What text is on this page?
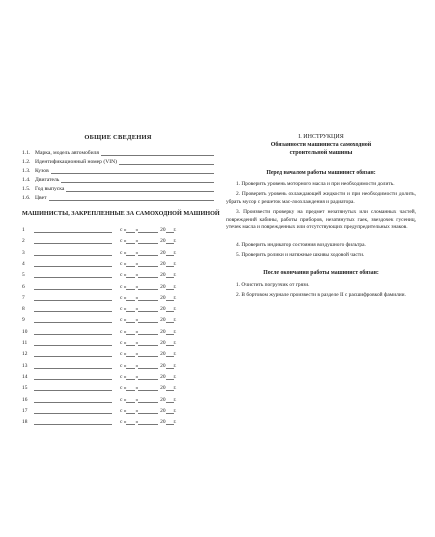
ОБЩИЕ СВЕДЕНИЯ
1.1. Марка, модель автомобиля
1.2. Идентификационный номер (VIN)
1.3. Кузов
1.4. Двигатель
1.5. Год выпуска
1.6. Цвет
МАШИНИСТЫ, ЗАКРЕПЛЕННЫЕ ЗА САМОХОДНОЙ МАШИНОЙ
1	с « »	20 г.
2	с « »	20 г.
3	с « »	20 г.
4	с « »	20 г.
5	с « »	20 г.
6	с « »	20 г.
7	с « »	20 г.
8	с « »	20 г.
9	с « »	20 г.
10	с « »	20 г.
11	с « »	20 г.
12	с « »	20 г.
13	с « »	20 г.
14	с « »	20 г.
15	с « »	20 г.
16	с « »	20 г.
17	с « »	20 г.
18	с « »	20 г.
I. ИНСТРУКЦИЯ
Обязанности машиниста самоходной
строительной машины
Перед началом работы машинист обязан:
1. Проверить уровень моторного масла и при необходимости долить.
2. Проверить уровень охлаждающей жидкости и при необходимости долить, убрать мусор с решеток мас-лоохлаждения и радиатора.
3. Произвести проверку на предмет незатянутых или сломанных частей, повреждений кабины, работы приборов, незатянутых гаек, звездочек гусениц, утечек масла и поврежденных или отсутствующих предупредительных знаков.
4. Проверить индикатор состояния воздушного фильтра.
5. Проверить ролики и натяжные шкивы ходовой части.
После окончания работы машинист обязан:
1. Очистить погрузчик от грязи.
2. В бортовом журнале произвести в разделе II с расшифровкой фамилии.
